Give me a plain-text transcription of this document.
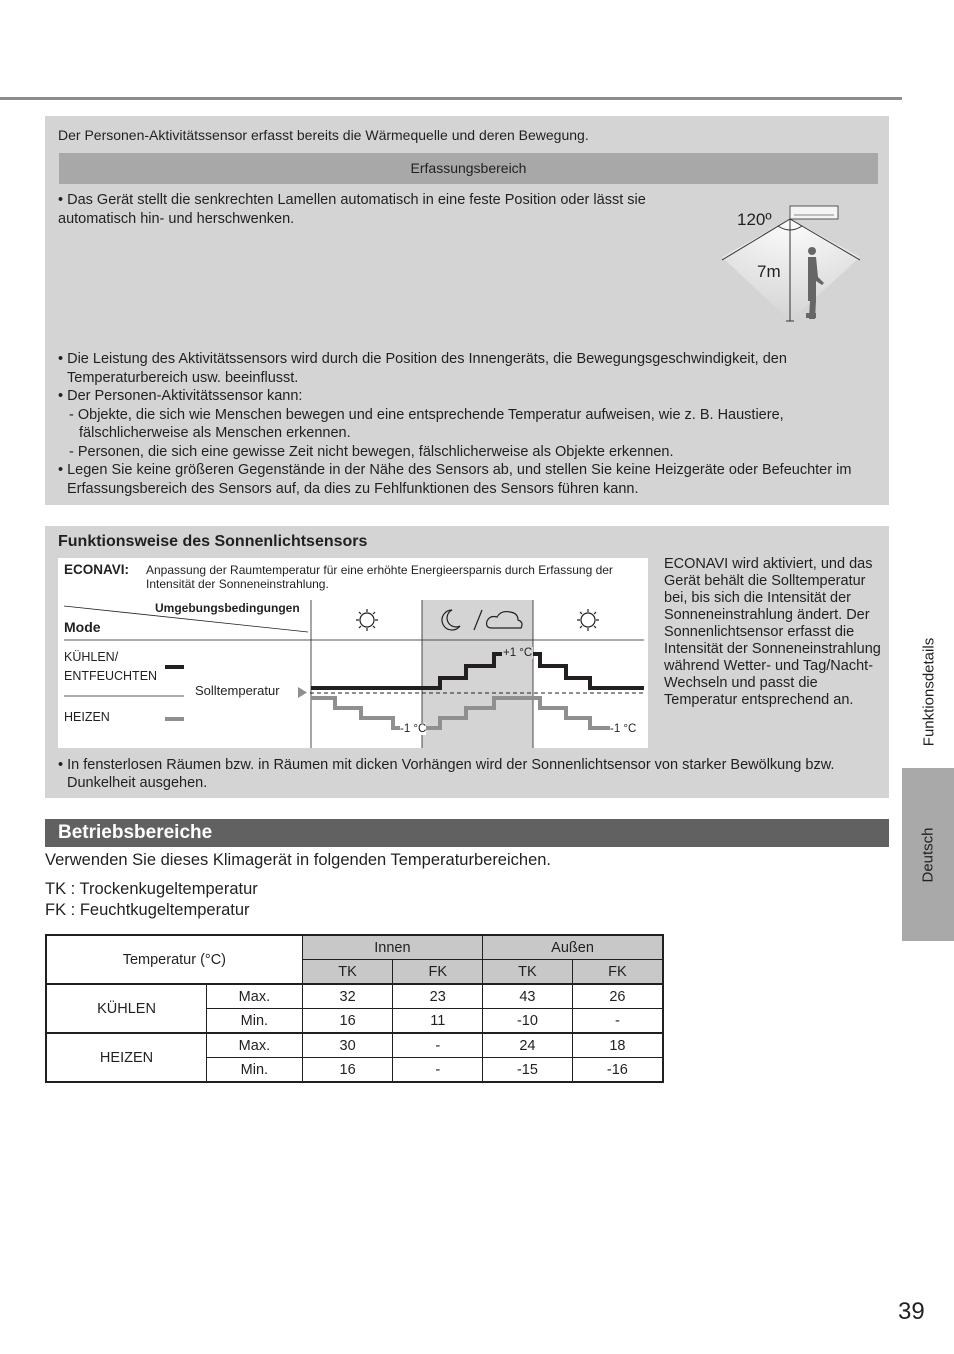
Der Personen-Aktivitätssensor erfasst bereits die Wärmequelle und deren Bewegung.
Erfassungsbereich
• Das Gerät stellt die senkrechten Lamellen automatisch in eine feste Position oder lässt sie automatisch hin- und herschwenken.	120º
7m
• Die Leistung des Aktivitätssensors wird durch die Position des Innengeräts, die Bewegungsgeschwindigkeit, den Temperaturbereich usw. beeinflusst.
• Der Personen-Aktivitätssensor kann:
- Objekte, die sich wie Menschen bewegen und eine entsprechende Temperatur aufweisen, wie z. B. Haustiere, fälschlicherweise als Menschen erkennen.
- Personen, die sich eine gewisse Zeit nicht bewegen, fälschlicherweise als Objekte erkennen.
• Legen Sie keine größeren Gegenstände in der Nähe des Sensors ab, und stellen Sie keine Heizgeräte oder Befeuchter im Erfassungsbereich des Sensors auf, da dies zu Fehlfunktionen des Sensors führen kann.
Funktionsweise des Sonnenlichtsensors
ECONAVI: Anpassung der Raumtemperatur für eine erhöhte Energieersparnis durch Erfassung der Intensität der Sonneneinstrahlung.
Umgebungsbedingungen
Mode
KÜHLEN/
ENTFEUCHTEN
HEIZEN
Solltemperatur
+1 °C
-1 °C	-1 °C
ECONAVI wird aktiviert, und das Gerät behält die Solltemperatur bei, bis sich die Intensität der Sonneneinstrahlung ändert. Der Sonnenlichtsensor erfasst die Intensität der Sonneneinstrahlung während Wetter- und Tag/Nacht-Wechseln und passt die Temperatur entsprechend an.
• In fensterlosen Räumen bzw. in Räumen mit dicken Vorhängen wird der Sonnenlichtsensor von starker Bewölkung bzw. Dunkelheit ausgehen.
Betriebsbereiche
Verwenden Sie dieses Klimagerät in folgenden Temperaturbereichen.
TK : Trockenkugeltemperatur
FK : Feuchtkugeltemperatur
Temperatur (°C)		Innen		Außen	
		TK	FK	TK	FK
KÜHLEN	Max.	32	23	43	26
	Min.	16	11	-10	-
HEIZEN	Max.	30	-	24	18
	Min.	16	-	-15	-16
Funktionsdetails
Deutsch
39
